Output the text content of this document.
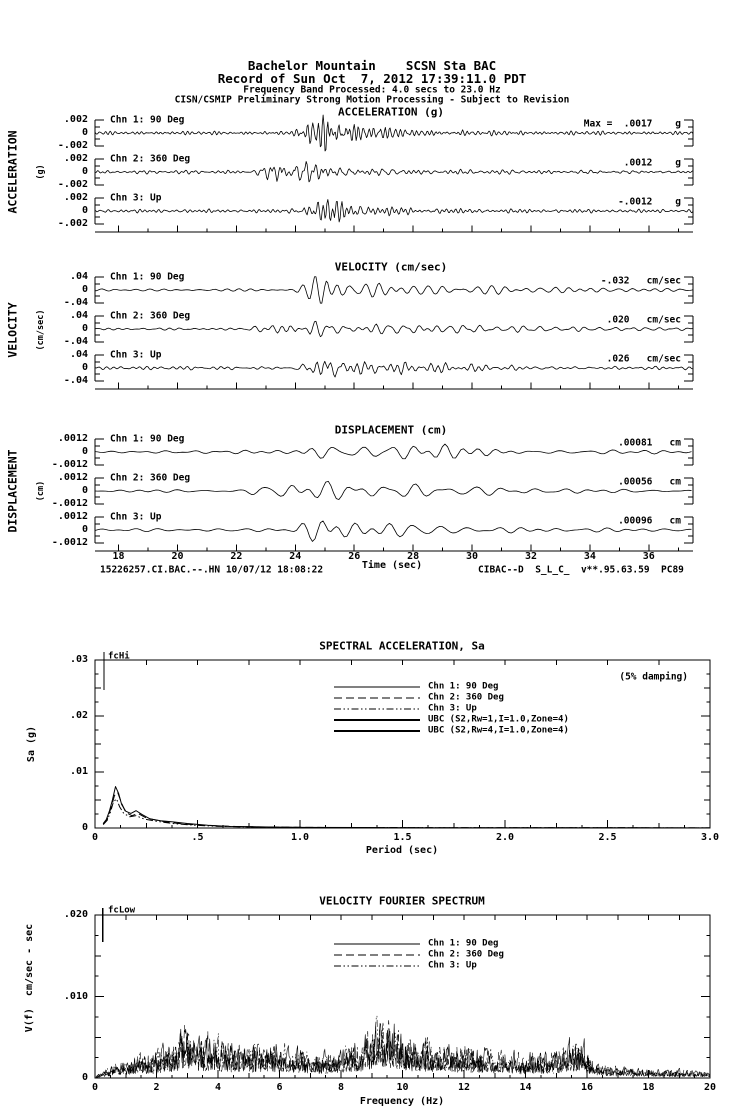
Bachelor Mountain    SCSN Sta BAC
Record of Sun Oct  7, 2012 17:39:11.0 PDT
Frequency Band Processed: 4.0 secs to 23.0 Hz
CISN/CSMIP Preliminary Strong Motion Processing - Subject to Revision
ACCELERATION (g)
VELOCITY (cm/sec)
DISPLACEMENT (cm)
ACCELERATION (g)
VELOCITY (cm/sec)
DISPLACEMENT (cm)
Time (sec)
15226257.CI.BAC.--.HN 10/07/12 18:08:22	CIBAC--D  S_L_C_  v**.95.63.59  PC89
SPECTRAL ACCELERATION, Sa
(5% damping)
Sa (g)
Period (sec)
fcHi
VELOCITY FOURIER SPECTRUM
V(f)  cm/sec - sec
Frequency (Hz)
fcLow
.002
0
-.002
Chn 1: 90 Deg	Max =  .0017    g
.002
0
-.002
Chn 2: 360 Deg	.0012    g
.002
0
-.002
Chn 3: Up	-.0012    g
.04
0
-.04
Chn 1: 90 Deg	-.032   cm/sec
.04
0
-.04
Chn 2: 360 Deg	.020   cm/sec
.04
0
-.04
Chn 3: Up	.026   cm/sec
.0012
0
-.0012
Chn 1: 90 Deg	.00081   cm
.0012
0
-.0012
Chn 2: 360 Deg	.00056   cm
.0012
0
-.0012
Chn 3: Up	.00096   cm
18	20	22	24	26	28	30	32	34	36
.03
.02
.01
0
0	.5	1.0	1.5	2.0	2.5	3.0
Chn 1: 90 Deg
Chn 2: 360 Deg
Chn 3: Up
UBC (S2,Rw=1,I=1.0,Zone=4)
UBC (S2,Rw=4,I=1.0,Zone=4)
.020
.010
0
0	2	4	6	8	10	12	14	16	18	20
Chn 1: 90 Deg
Chn 2: 360 Deg
Chn 3: Up
